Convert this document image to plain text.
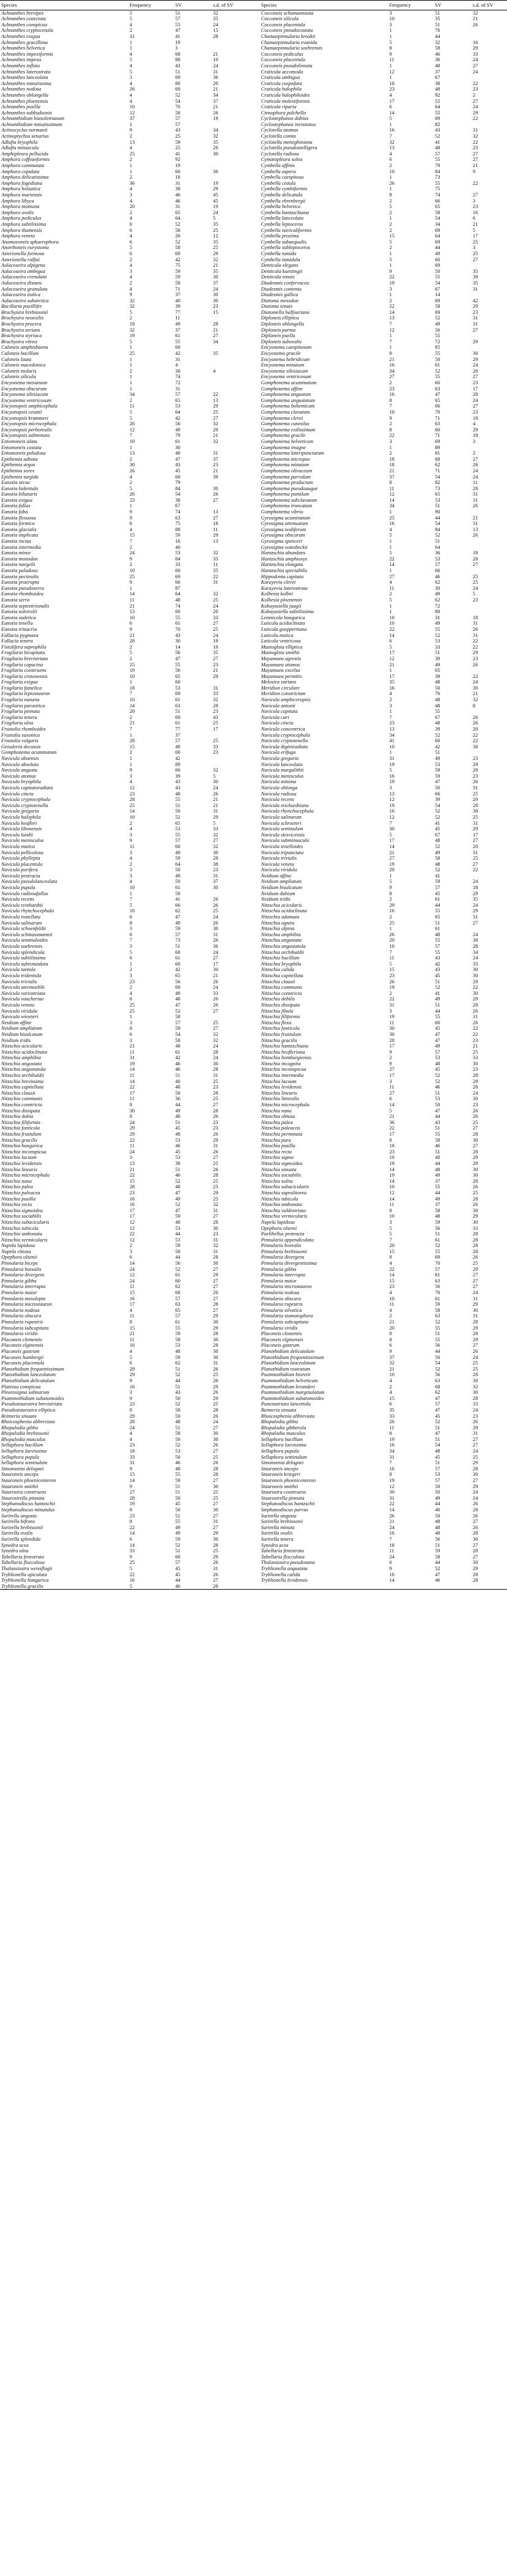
Species	Frequency	SV	s.d. of SV		Species	Frequency	SV	s.d. of SV
Achnanthes brevipes	5	51	32		Cocconeis schumanniana	3	51	32
Achnanthes coarctata	5	57	35		Cocconeis silicula	10	35	21
Achnanthes conspicua	4	55	24		Cocconeis placentula	3	51	26
Achnanthes cryptocenala	2	47	15		Cocconeis pseudocostata	1	76	
Achnanthes exigua	31	41	28		Chamaepinnularia krookii	1	44	
Achnanthes gracillima	1	19			Chamaepinnularia evanida	5	32	16
Achnanthes helvetica	1	3			Chamaepinnularia soehrensis	8	58	29
Achnanthes impexiformis	4	68	21		Cocconeis pediculus	9	46	33
Achnanthes impexa	5	88	10		Cocconeis placentula	11	36	24
Achnanthes inflata	4	43	24		Cocconeis pseudolineata	1	48	27
Achnanthes laterostrata	5	51	31		Craticula accomoda	12	37	24
Achnanthes lanceolata	3	69	36		Craticula ambigua	1	67	
Achnanthes minutissima	4	80	20		Craticula cuspidata	18	38	22
Achnanthes nodosa	26	69	21		Craticula halophila	23	48	23
Achnanthes oblongella	4	52	34		Craticula halophiloides	4	92	2
Achnanthes ploenensis	4	54	37		Craticula molestiformis	17	55	27
Achnanthes pusilla	10	70	21		Craticula riparia	6	64	24
Achnanthes subhudsonis	12	58	26		Ctenophora pulchella	14	55	29
Achnanthidium biasolettianum	37	57	19		Cyclostephanos dubius	5	69	22
Achnanthidium minutissimum	1	57			Cyclostephanos invisitatus	1	82	
Actinocyclus normanii	9	43	34		Cyclotella atomus	16	43	31
Actinoptychus senarius	2	25	32		Cyclotella comta	7	52	32
Adlafia bryophila	13	59	35		Cyclotella meneghiniana	32	41	22
Adlafia minuscula	4	25	26		Cyclotella pseudostelligera	13	48	23
Amphipleura pellucida	25	41	30		Cyclotella radiosa	4	57	27
Amphora coffeaeformis	2	92			Cymatopleura solea	6	55	27
Amphora commutata	1	19			Cymbella affinis	2	79	21
Amphora copulata	1	66	36		Cymbella aspera	10	84	9
Amphora delicatissima	2	18			Cymbella caespitosa	1	73	
Amphora fogediana	36	31	19		Cymbella cistula	26	55	22
Amphora holsatica	4	38	29		Cymbella cymbiformis	1	75	
Amphora inariensis	3	46	45		Cymbella delicatula	8	74	27
Amphora libyca	4	46	45		Cymbella ehrenbergii	2	66	3
Amphora montana	20	31	19		Cymbella helvetica	5	65	23
Amphora ovalis	2	65	24		Cymbella hantzschiana	2	58	16
Amphora pediculus	4	64	5		Cymbella lanceolata	1	54	6
Amphora subtilissima	6	52	35		Cymbella leptoceros	2	34	21
Amphora thumensis	6	58	25		Cymbella naviculiformis	2	69	5
Amphora veneta	4	26	12		Cymbella proxima	15	64	17
Anomoeoneis sphaerophora	6	52	35		Cymbella subaequalis	5	69	25
Anorthoneis eurystoma	5	58	25		Cymbella subleptoceros	2	44	3
Asterionella formosa	6	69	29		Cymbella tumida	1	49	25
Asterionella ralfsii	2	42	32		Cymbella tumidula	5	60	27
Aulacoseira alpigena	4	75	21		Denticula elegans	1	69	
Aulacoseira ambigua	3	59	35		Denticula kuetzingii	9	50	35
Aulacoseira crenulata	4	59	30		Denticula tenuis	22	55	30
Aulacoseira distans	2	58	37		Diadesmis confervacea	19	54	35
Aulacoseira granulata	4	71	24		Diadesmis contenta	3	67	31
Aulacoseira italica	9	37	30		Diadesmis gallica	1	14	
Aulacoseira subarctica	32	40	30		Diatoma mesodon	2	69	42
Bacillaria paxillifer	32	39	23		Diatoma tenuis	22	58	29
Brachysira brebissonii	5	77	15		Diatomella balfouriana	14	69	23
Brachysira neoexilis	2	11			Diploneis elliptica	13	52	31
Brachysira procera	18	49	28		Diploneis oblongella	7	49	31
Brachysira serians	32	37	21		Diploneis parma	12	56	27
Brachysira styriaca	19	61	27		Diploneis puella	1	55	
Brachysira vitrea	5	55	34		Diploneis subovalis	7	72	29
Caloneis amphisbaena	1	60			Encyonema caespitosum	1	85	
Caloneis bacillum	25	42	35		Encyonema gracile	8	55	30
Caloneis lauta	1	31			Encyonema hebridicum	21	50	29
Caloneis macedonica	1	4			Encyonema minutum	16	61	24
Caloneis molaris	2	30	4		Encyonema silesiacum	34	52	26
Caloneis silicula	1	74			Encyonema ventricosum	27	55	27
Encyonema mesianum	1	72			Gomphonema acuminatum	2	60	23
Encyonema obscurum	1	31			Gomphonema affine	23	63	17
Encyonema silesiacum	34	57	22		Gomphonema angustum	16	47	28
Encyonema ventricosum	2	65	13		Gomphonema angustatum	8	65	24
Encyonopsis amphicephala	11	53	29		Gomphonema bohemicum	7	66	27
Encyonopsis cesatii	5	64	25		Gomphonema clavatum	10	70	23
Encyonopsis krammeri	5	42	27		Gomphonema clevei	9	71	18
Encyonopsis microcephala	26	56	32		Gomphonema cuneolus	2	63	4
Encyonopsis perborealis	12	49	29		Gomphonema exilissimum	8	60	29
Encyonopsis subminuta	7	79	21		Gomphonema gracile	22	71	18
Entomoneis alata	10	61	32		Gomphonema helveticum	3	69	3
Entomoneis costata	1	30			Gomphonema insigne	1	89	
Entomoneis paludosa	13	49	31		Gomphonema lateripunctatum	2	81	2
Epithemia adnata	2	47	37		Gomphonema micropus	18	68	27
Epithemia argus	30	43	23		Gomphonema minutum	18	62	26
Epithemia sorex	26	45	21		Gomphonema olivaceum	21	71	24
Epithemia turgida	4	60	39		Gomphonema parvulum	37	54	24
Eunotia arcus	2	79			Gomphonema productum	8	82	11
Eunotia bidentula	5	84	30		Gomphonema pseudoaugur	11	73	28
Eunotia bilunaris	26	54	26		Gomphonema pumilum	12	65	31
Eunotia exigua	23	38	27		Gomphonema subclavatum	14	53	31
Eunotia fallax	1	67			Gomphonema truncatum	34	51	26
Eunotia faba	9	74	13		Gomphonema vibrio	1	90	
Eunotia flexuosa	9	63	27		Gyrosigma acuminatum	25	44	21
Eunotia formica	6	75	18		Gyrosigma attenuatum	16	54	31
Eunotia glacialis	4	88	11		Gyrosigma nodiferum	4	84	13
Eunotia implicata	15	59	29		Gyrosigma obscurum	5	52	26
Eunotia incisa	7	16	13		Gyrosigma spenceri	1	51	
Eunotia intermedia	2	40			Gyrosigma wansbeckii	1	64	
Eunotia minor	24	53	32		Hantzschia abundans	5	36	18
Eunotia monodon	9	84	33		Hantzschia amphioxys	22	53	28
Eunotia naegelii	2	33	11		Hantzschia elongata	14	57	27
Eunotia paludosa	10	60	35		Hantzschia spectabilis	1	66	
Eunotia pectinalis	25	69	22		Hippodonta capitata	27	46	25
Eunotia praerupta	9	66	31		Karayevia clevei	4	62	25
Eunotia pseudoserra	1	87			Karayevia laterostrata	11	30	24
Eunotia rhomboidea	14	64	32		Kolbesia kolbei	2	49	5
Eunotia serra	11	48	25		Kolbesia ploenensis	5	62	23
Eunotia septentrionalis	21	74	24		Kobayasiella jaagii	1	72	
Eunotia soleirolii	13	60	20		Kobayasiella subtilissima	1	80	
Eunotia sudetica	10	55	33		Lemnicola hungarica	18	31	18
Eunotia tenella	6	61	27		Luticola acidoclinata	10	49	31
Eunotia trinacria	9	70	25		Luticola goeppertiana	22	55	26
Fallacia pygmaea	21	43	24		Luticola mutica	14	52	31
Fallacia tenera	28	30	19		Luticola ventricosa	6	53	22
Fistulifera saprophila	2	14	10		Mastogloia elliptica	5	33	22
Fragilaria bicapitata	5	56	35		Mastogloia smithii	17	51	29
Fragilaria brevistriata	2	47	27		Mayamaea agrestis	12	39	23
Fragilaria capucina	25	55	23		Mayamaea atomus	21	49	26
Fragilaria construens	19	56	21		Mayamaea excelsa	1	65	
Fragilaria crotonensis	10	65	29		Mayamaea permitis	17	39	22
Fragilaria exigua	1	60			Melosira varians	35	48	24
Fragilaria famelica	18	53	31		Meridion circulare	16	50	30
Fragilaria leptostauron	7	69	33		Meridion constrictum	4	76	21
Fragilaria nanana	10	61	32		Navicula amphiceropsis	2	48	32
Fragilaria parasitica	14	63	28		Navicula antonii	3	48	8
Fragilaria pinnata	20	51	23		Navicula capitata	1	55	
Fragilaria tenera	2	69	43		Navicula cari	7	67	26
Fragilaria ulna	21	61	25		Navicula cincta	23	48	26
Frustulia rhomboides	7	77	17		Navicula concentrica	13	39	20
Frustulia saxonica	1	37			Navicula cryptocephala	34	52	22
Frustulia vulgaris	28	57	25		Navicula cryptotenella	41	60	22
Geissleria decussis	15	49	33		Navicula digitoradiata	10	42	30
Gomphonema acuminatum	2	60	23		Navicula erifuga	1	51	
Navicula aboensis	1	42			Navicula gregaria	31	49	23
Navicula absoluta	1	89			Navicula lanceolata	19	53	29
Navicula angusta	9	66	32		Navicula margalithii	5	58	28
Navicula atomus	3	39	5		Navicula menisculus	16	59	23
Navicula bryophila	4	43	30		Navicula minima	19	47	26
Navicula capitatoradiata	12	43	24		Navicula oblonga	3	50	31
Navicula cincta	23	48	26		Navicula radiosa	13	66	25
Navicula cryptocephala	28	55	21		Navicula recens	12	39	20
Navicula cryptotenella	25	51	21		Navicula reichardtiana	19	54	28
Navicula gregaria	14	50	31		Navicula rhynchocephala	16	52	30
Navicula halophila	10	52	29		Navicula salinarum	12	52	25
Navicula heufleri	2	65	5		Navicula schroeteri	7	41	31
Navicula libonensis	4	53	33		Navicula seminulum	30	45	29
Navicula lundii	3	55	32		Navicula slesvicensis	5	67	17
Navicula menisculus	9	57	27		Navicula subminuscula	17	48	27
Navicula mutica	11	60	32		Navicula tenelloides	14	52	20
Navicula pelliculosa	3	49	30		Navicula tripunctata	21	49	31
Navicula phyllepta	4	59	28		Navicula trivialis	27	58	25
Navicula placentula	2	64	38		Navicula veneta	19	48	27
Navicula porifera	3	50	23		Navicula viridula	20	52	22
Navicula protracta	3	49	31		Neidium affine	1	41	
Navicula pseudolanceolata	4	50	37		Neidium ampliatum	5	59	24
Navicula pupula	10	61	30		Neidium bisulcatum	9	57	18
Navicula radiosafallax	1	50			Neidium dubium	8	45	29
Navicula recens	7	41	26		Neidium iridis	2	61	35
Navicula reinhardtii	5	66	26		Nitzschia acicularis	29	44	24
Navicula rhynchocephala	10	62	25		Nitzschia acidoclinata	16	55	29
Navicula rostellata	6	47	24		Nitzschia adamata	2	65	31
Navicula salinarum	8	49	26		Nitzschia agnita	25	51	27
Navicula schoenfeldii	3	59	30		Nitzschia alpina	1	61	
Navicula schmassmannii	6	57	31		Nitzschia amphibia	26	48	24
Navicula seminuloides	7	73	26		Nitzschia angustata	20	55	30
Navicula soehrensis	3	51	36		Nitzschia angustatula	10	57	28
Navicula splendicula	5	68	24		Nitzschia archibaldii	7	55	34
Navicula subtilissima	6	61	27		Nitzschia bacillum	11	43	24
Navicula subrotundata	1	60	17		Nitzschia bryophila	5	42	33
Navicula tantula	2	42	30		Nitzschia calida	15	43	30
Navicula tridentula	3	65	21		Nitzschia capitellata	23	45	30
Navicula trivialis	23	56	26		Nitzschia clausii	26	51	29
Navicula utermoehlii	2	69	24		Nitzschia communis	19	52	22
Navicula variostriata	4	49	33		Nitzschia constricta	2	41	30
Navicula vaucheriae	6	48	26		Nitzschia debilis	22	49	29
Navicula veneta	25	47	26		Nitzschia dissipata	31	51	28
Navicula viridula	25	52	27		Nitzschia fibula	3	44	26
Navicula wiesneri	1	58			Nitzschia filiformis	19	55	31
Neidium affine	3	57	25		Nitzschia flexa	11	60	26
Neidium ampliatum	8	59	27		Nitzschia fonticola	30	45	22
Neidium bisulcatum	6	54	32		Nitzschia frustulum	30	47	22
Neidium iridis	3	58	32		Nitzschia gracilis	28	47	23
Nitzschia acicularis	21	48	24		Nitzschia hantzschiana	17	49	21
Nitzschia acidoclinata	11	61	28		Nitzschia heufleriana	9	57	25
Nitzschia amphibia	31	42	24		Nitzschia homburgiensis	2	53	33
Nitzschia angustata	19	46	30		Nitzschia incognita	9	48	30
Nitzschia angustatula	14	46	28		Nitzschia inconspicua	27	45	23
Nitzschia archibaldii	11	51	31		Nitzschia intermedia	17	52	28
Nitzschia brevissima	14	40	25		Nitzschia lacuum	3	52	29
Nitzschia capitellata	22	48	23		Nitzschia levidensis	11	46	28
Nitzschia clausii	17	50	28		Nitzschia linearis	27	51	24
Nitzschia communis	11	36	25		Nitzschia littoralis	6	53	30
Nitzschia constricta	8	44	27		Nitzschia microcephala	14	50	23
Nitzschia dissipata	30	49	28		Nitzschia nana	5	47	26
Nitzschia dubia	8	48	26		Nitzschia obtusa	21	44	26
Nitzschia filiformis	24	51	23		Nitzschia palea	36	43	25
Nitzschia fonticola	29	45	23		Nitzschia paleacea	22	51	27
Nitzschia frustulum	29	48	26		Nitzschia perminuta	17	55	28
Nitzschia gracilis	22	53	29		Nitzschia pura	8	58	30
Nitzschia hungarica	11	46	31		Nitzschia pusilla	18	46	27
Nitzschia inconspicua	24	45	26		Nitzschia recta	23	51	28
Nitzschia lacuum	3	53	27		Nitzschia sigma	10	40	29
Nitzschia levidensis	13	39	25		Nitzschia sigmoidea	19	44	29
Nitzschia linearis	21	51	26		Nitzschia sinuata	14	48	30
Nitzschia microcephala	22	46	28		Nitzschia sociabilis	19	49	30
Nitzschia nana	15	52	25		Nitzschia solita	14	37	28
Nitzschia palea	28	48	23		Nitzschia subacicularis	10	55	26
Nitzschia paleacea	23	47	29		Nitzschia supralitorea	12	44	25
Nitzschia pusilla	16	49	25		Nitzschia tubicola	14	49	28
Nitzschia recta	16	52	32		Nitzschia umbonata	11	37	26
Nitzschia sigmoidea	17	47	31		Nitzschia valdestriata	8	58	30
Nitzschia sociabilis	17	50	27		Nitzschia vermicularis	10	48	29
Nitzschia subacicularis	12	48	28		Nupela lapidosa	3	59	30
Nitzschia tubicola	12	53	30		Opephora olsenii	5	56	33
Nitzschia umbonata	22	44	23		Parlibellus protracta	5	51	28
Nitzschia vermicularis	12	53	31		Pinnularia appendiculata	7	61	28
Nupela lapidosa	2	59	32		Pinnularia borealis	20	52	28
Nupela vitiosa	3	58	31		Pinnularia brebissonii	15	55	28
Opephora olsenii	6	44	28		Pinnularia divergens	8	69	26
Pinnularia biceps	14	56	30		Pinnularia divergentissima	4	70	25
Pinnularia borealis	24	52	27		Pinnularia gibba	22	57	29
Pinnularia divergens	12	61	29		Pinnularia interrupta	14	61	27
Pinnularia gibba	24	60	27		Pinnularia maior	15	63	27
Pinnularia interrupta	11	62	27		Pinnularia microstauron	23	56	27
Pinnularia maior	15	68	26		Pinnularia nodosa	4	70	24
Pinnularia mesolepta	16	57	27		Pinnularia obscura	10	61	31
Pinnularia microstauron	17	63	28		Pinnularia rupestris	11	59	29
Pinnularia nodosa	4	65	27		Pinnularia silvatica	4	58	30
Pinnularia obscura	11	57	29		Pinnularia stomatophora	2	63	31
Pinnularia rupestris	8	61	30		Pinnularia subcapitata	21	52	28
Pinnularia subcapitata	15	55	29		Pinnularia viridis	20	55	29
Pinnularia viridis	21	59	28		Placoneis clementis	8	51	28
Placoneis clementis	11	58	30		Placoneis elginensis	8	55	29
Placoneis elginensis	16	53	28		Placoneis gastrum	6	56	27
Placoneis gastrum	4	48	30		Planothidium delicatulum	9	44	26
Placoneis hambergii	5	59	30		Planothidium frequentissimum	37	50	24
Placoneis placentula	6	62	31		Planothidium lanceolatum	32	54	25
Planothidium frequentissimum	28	51	26		Planothidium rostratum	21	52	25
Planothidium lanceolatum	29	52	25		Psammothidium bioretii	10	56	28
Planothidium delicatulum	9	44	26		Psammothidium helveticum	4	63	30
Platessa conspicua	16	51	29		Psammothidium levanderi	2	68	32
Pleurosigma salinarum	3	43	26		Psammothidium marginulatum	4	62	30
Psammothidium subatomoides	9	50	29		Psammothidium subatomoides	15	47	28
Pseudostaurosira brevistriata	23	52	25		Punctastriata lancettula	6	57	33
Pseudostaurosira elliptica	8	58	28		Reimeria sinuata	35	47	24
Reimeria sinuata	29	50	26		Rhoicosphenia abbreviata	33	45	23
Rhoicosphenia abbreviata	28	48	24		Rhopalodia gibba	26	52	26
Rhopalodia gibba	24	51	27		Rhopalodia gibberula	11	51	29
Rhopalodia brebissonii	4	58	30		Rhopalodia musculus	8	47	31
Rhopalodia musculus	4	50	30		Sellaphora bacillum	19	51	27
Sellaphora bacillum	23	52	26		Sellaphora laevissima	16	54	27
Sellaphora laevissima	18	53	27		Sellaphora pupula	34	48	24
Sellaphora pupula	33	50	25		Sellaphora seminulum	31	45	25
Sellaphora seminulum	31	46	26		Simonsenia delognei	7	51	29
Simonsenia delognei	9	48	28		Stauroneis anceps	16	57	28
Stauroneis anceps	15	55	28		Stauroneis kriegeri	8	53	30
Stauroneis phoenicenteron	14	59	27		Stauroneis phoenicenteron	19	57	27
Stauroneis smithii	9	51	30		Stauroneis smithii	12	50	29
Staurosira construens	27	51	25		Staurosira construens	30	50	24
Staurosirella pinnata	28	50	25		Staurosirella pinnata	31	49	24
Stephanodiscus hantzschii	19	45	27		Stephanodiscus hantzschii	22	44	26
Stephanodiscus minutulus	8	50	30		Stephanodiscus parvus	14	46	28
Surirella angusta	23	51	27		Surirella angusta	26	50	26
Surirella bifrons	8	55	31		Surirella brebissonii	21	48	27
Surirella brebissonii	22	49	27		Surirella minuta	24	48	26
Surirella ovalis	14	49	29		Surirella ovalis	16	48	28
Surirella splendida	6	59	30		Surirella tenera	7	56	30
Synedra acus	14	52	28		Synedra acus	18	51	27
Synedra ulna	33	51	25		Tabellaria fenestrata	11	59	28
Tabellaria fenestrata	9	60	29		Tabellaria flocculosa	24	58	27
Tabellaria flocculosa	25	57	26		Thalassiosira pseudonana	6	44	30
Thalassiosira weissflogii	5	45	31		Tryblionella angustata	9	52	29
Tryblionella apiculata	22	45	26		Tryblionella calida	16	47	28
Tryblionella hungarica	16	44	27		Tryblionella levidensis	14	46	28
Tryblionella gracilis	5	46	28					
